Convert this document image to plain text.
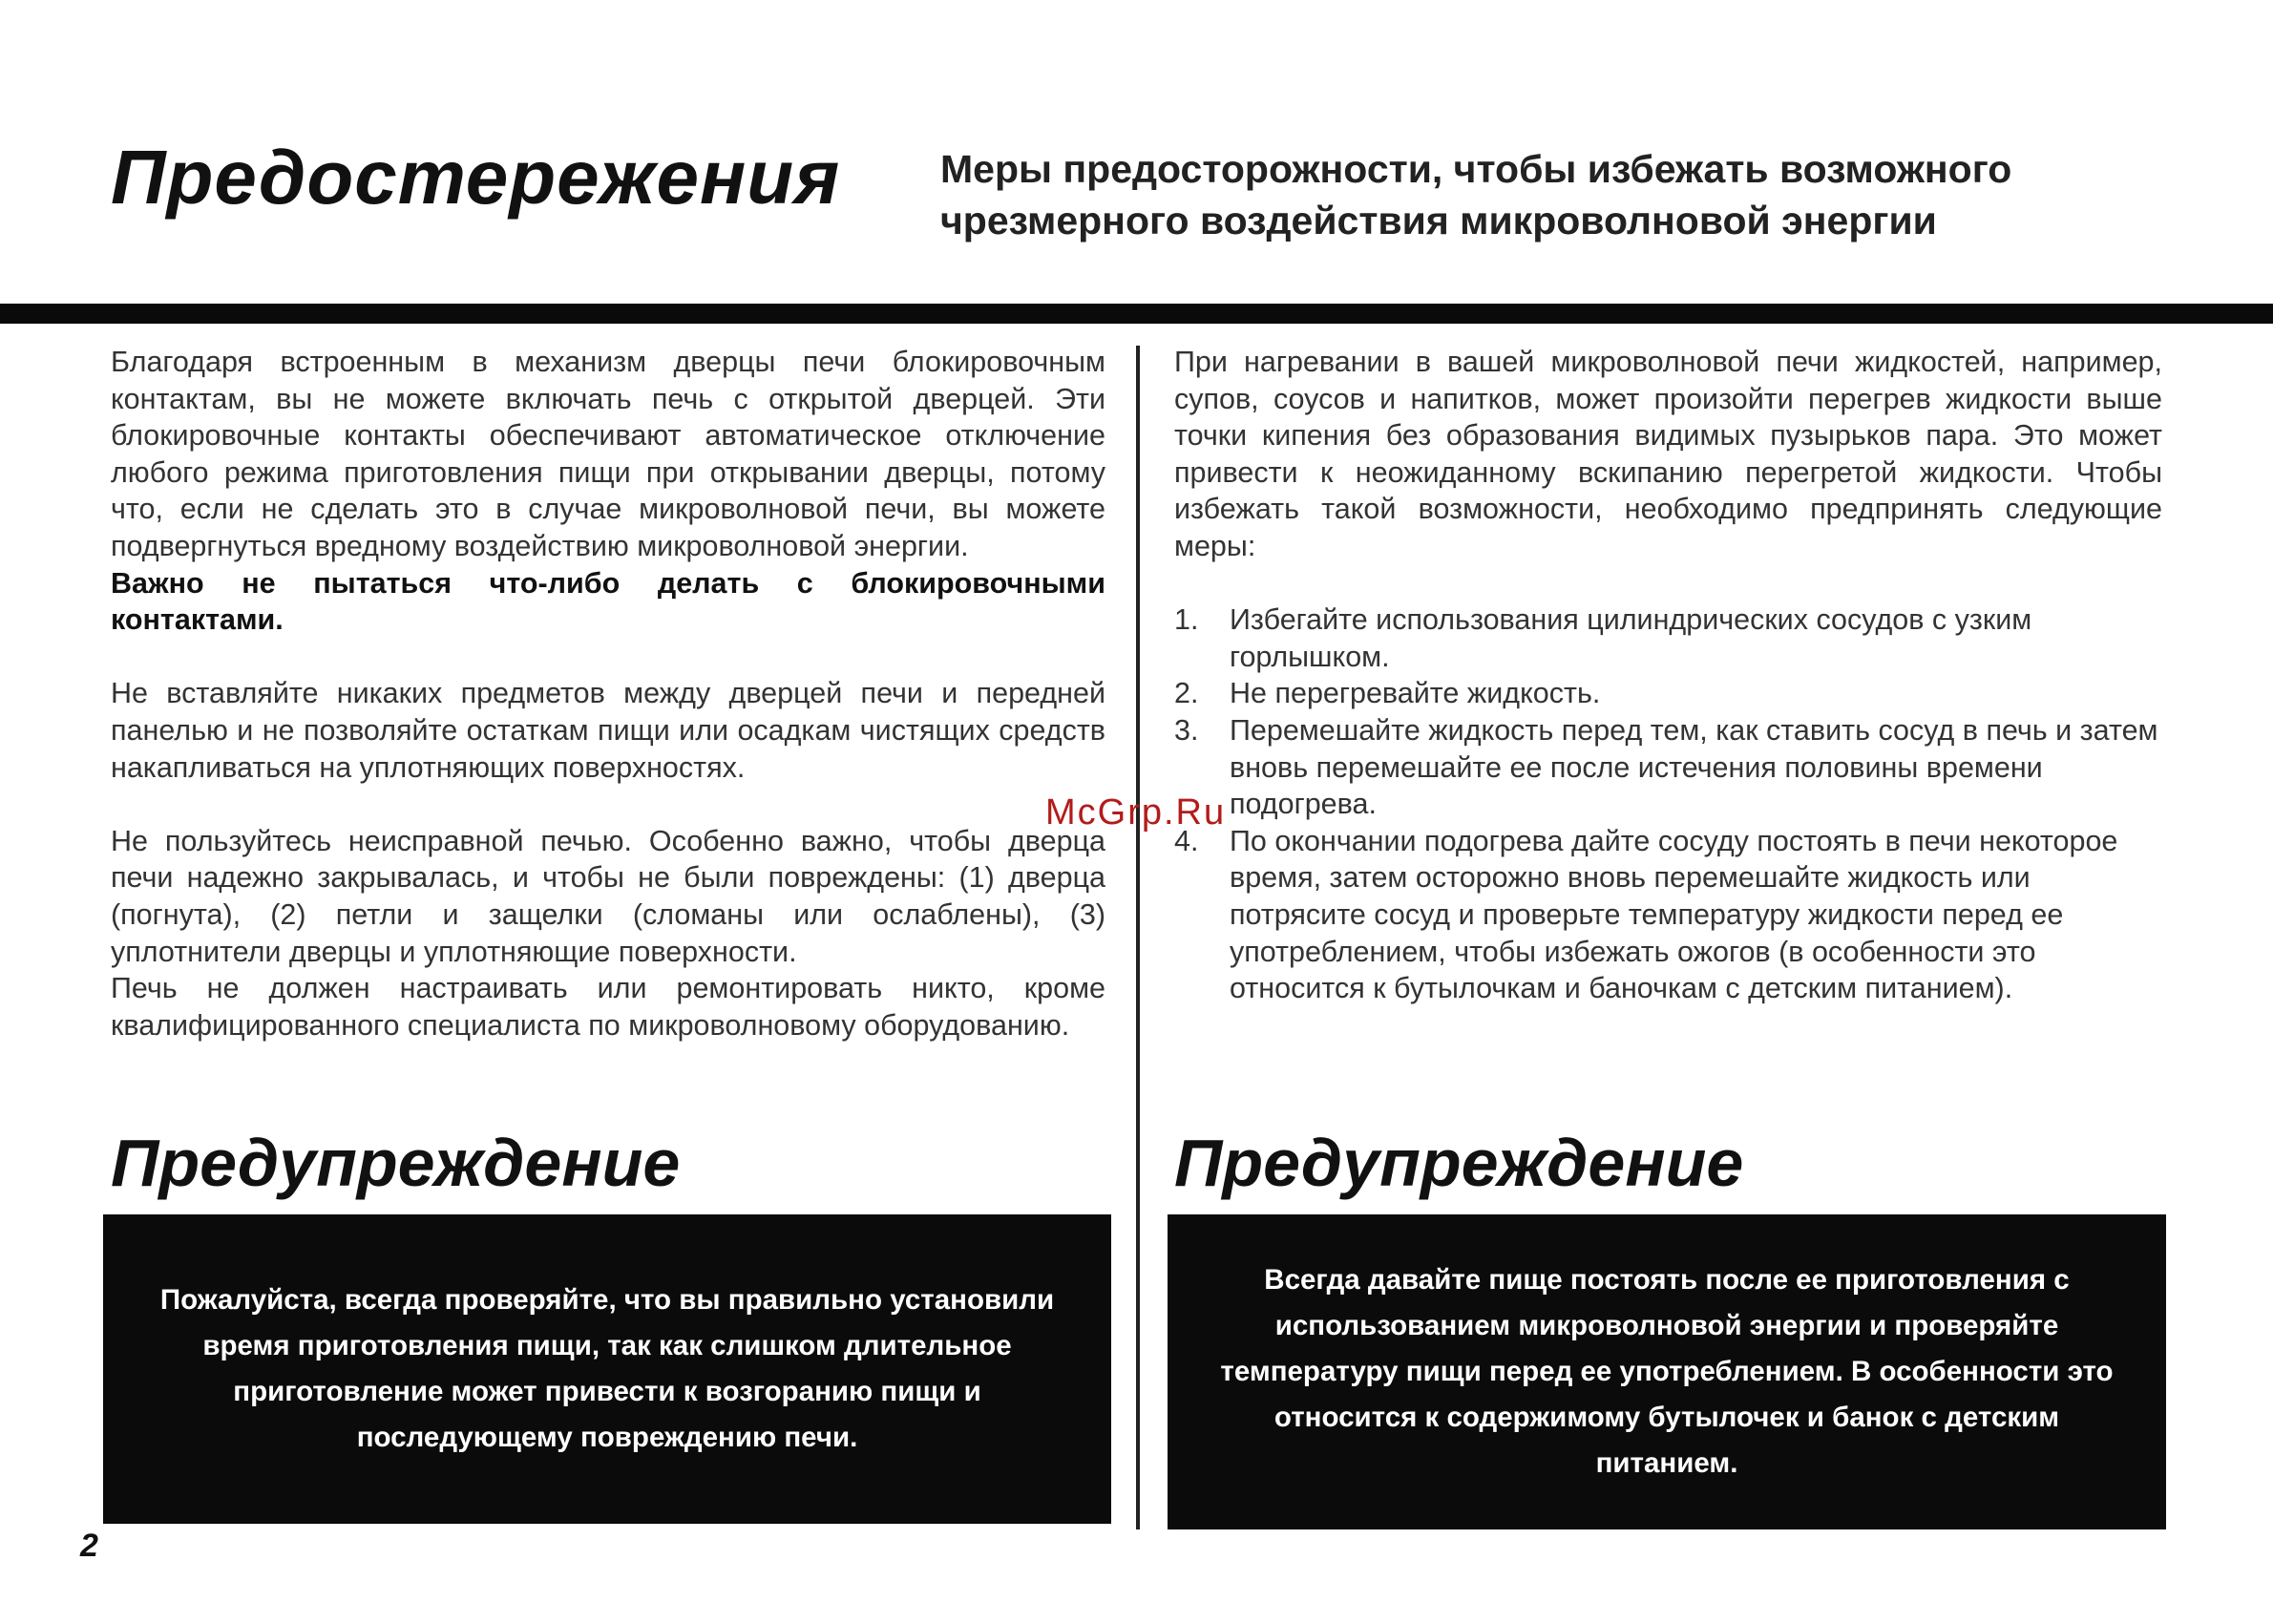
Предостережения	Меры предосторожности, чтобы избежать возможного
чрезмерного воздействия микроволновой энергии

Благодаря встроенным в механизм дверцы печи блокировочным контактам, вы не можете включать печь с открытой дверцей. Эти блокировочные контакты обеспечивают автоматическое отключение любого режима приготовления пищи при открывании дверцы, потому что, если не сделать это в случае микроволновой печи, вы можете подвергнуться вредному воздействию микроволновой энергии.

Важно не пытаться что-либо делать с блокировочными контактами.

Не вставляйте никаких предметов между дверцей печи и передней панелью и не позволяйте остаткам пищи или осадкам чистящих средств накапливаться на уплотняющих поверхностях.

Не пользуйтесь неисправной печью. Особенно важно, чтобы дверца печи надежно закрывалась, и чтобы не были повреждены: (1) дверца (погнута), (2) петли и защелки (сломаны или ослаблены), (3) уплотнители дверцы и уплотняющие поверхности.

Печь не должен настраивать или ремонтировать никто, кроме квалифицированного специалиста по микроволновому оборудованию.

При нагревании в вашей микроволновой печи жидкостей, например, супов, соусов и напитков, может произойти перегрев жидкости выше точки кипения без образования видимых пузырьков пара. Это может привести к неожиданному вскипанию перегретой жидкости. Чтобы избежать такой возможности, необходимо предпринять следующие меры:

1. Избегайте использования цилиндрических сосудов с узким горлышком.
2. Не перегревайте жидкость.
3. Перемешайте жидкость перед тем, как ставить сосуд в печь и затем вновь перемешайте ее после истечения половины времени подогрева.
4. По окончании подогрева дайте сосуду постоять в печи некоторое время, затем осторожно вновь перемешайте жидкость или потрясите сосуд и проверьте температуру жидкости перед ее употреблением, чтобы избежать ожогов (в особенности это относится к бутылочкам и баночкам с детским питанием).
McGrp.Ru
Предупреждение

Пожалуйста, всегда проверяйте, что вы правильно установили время приготовления пищи, так как слишком длительное приготовление может привести к возгоранию пищи и последующему повреждению печи.

Предупреждение

Всегда давайте пище постоять после ее приготовления с использованием микроволновой энергии и проверяйте температуру пищи перед ее употреблением. В особенности это относится к содержимому бутылочек и банок с детским питанием.

2
